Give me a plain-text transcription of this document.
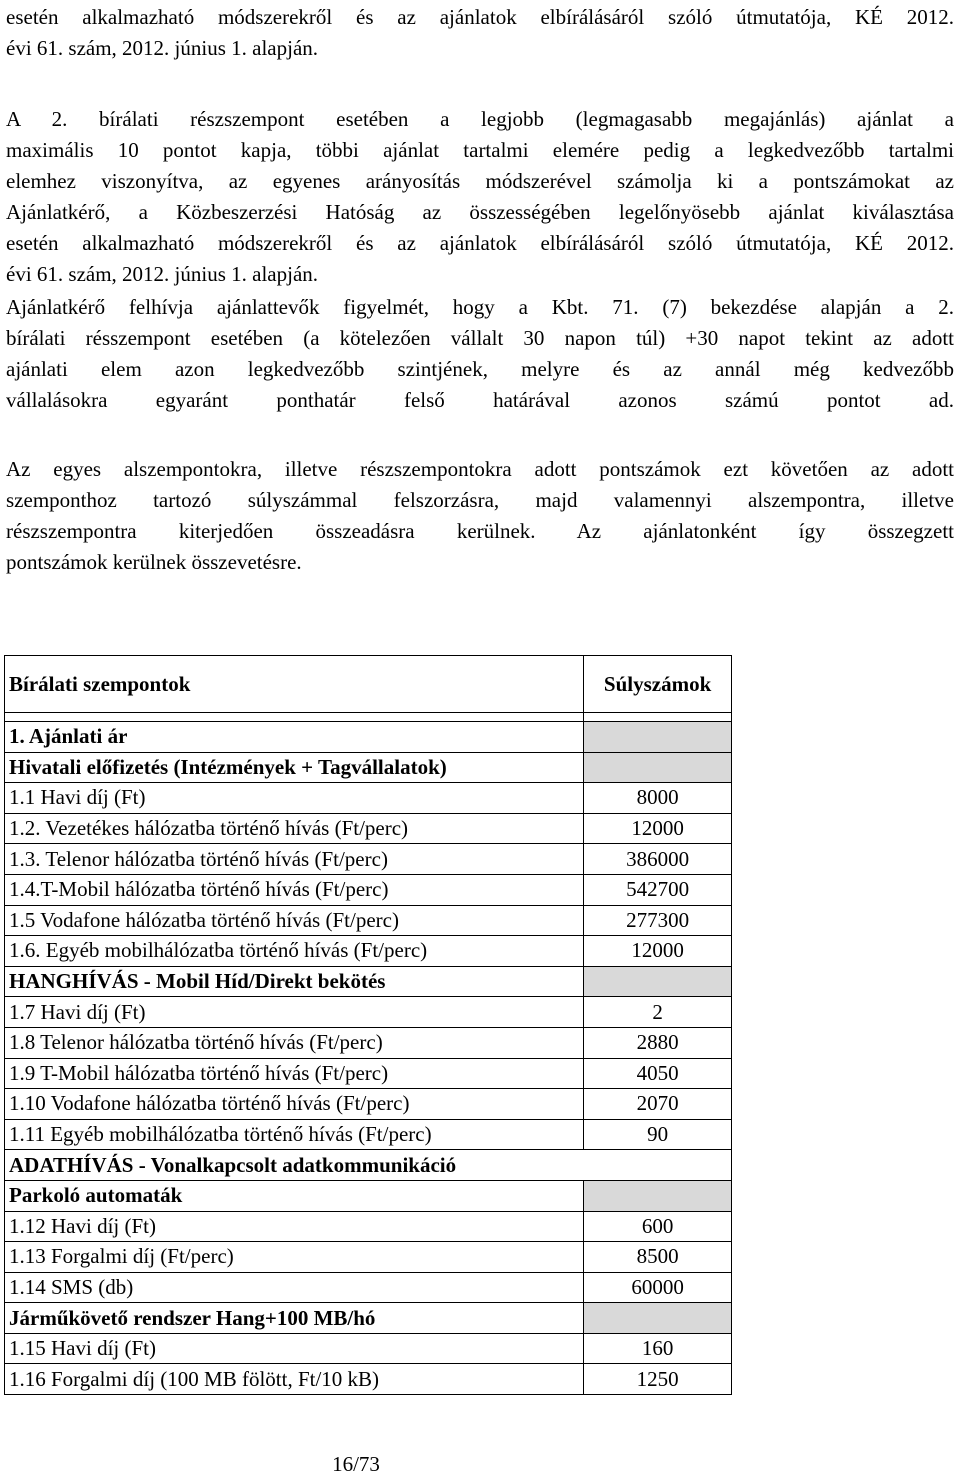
esetén alkalmazható módszerekről és az ajánlatok elbírálásáról szóló útmutatója, KÉ 2012.
évi 61. szám, 2012. június 1. alapján.
A 2. bírálati részszempont esetében a legjobb (legmagasabb megajánlás) ajánlat a
maximális 10 pontot kapja, többi ajánlat tartalmi elemére pedig a legkedvezőbb tartalmi
elemhez viszonyítva, az egyenes arányosítás módszerével számolja ki a pontszámokat az
Ajánlatkérő, a Közbeszerzési Hatóság az összességében legelőnyösebb ajánlat kiválasztása
esetén alkalmazható módszerekről és az ajánlatok elbírálásáról szóló útmutatója, KÉ 2012.
évi 61. szám, 2012. június 1. alapján.
Ajánlatkérő felhívja ajánlattevők figyelmét, hogy a Kbt. 71. (7) bekezdése alapján a 2.
bírálati résszempont esetében (a kötelezően vállalt 30 napon túl) +30 napot tekint az adott
ajánlati elem azon legkedvezőbb szintjének, melyre és az annál még kedvezőbb
vállalásokra egyaránt ponthatár felső határával azonos számú pontot ad.
Az egyes alszempontokra, illetve részszempontokra adott pontszámok ezt követően az adott
szemponthoz tartozó súlyszámmal felszorzásra, majd valamennyi alszempontra, illetve
részszempontra kiterjedően összeadásra kerülnek. Az ajánlatonként így összegzett
pontszámok kerülnek összevetésre.
Bírálati szempontok	Súlyszámok

1. Ajánlati ár	
Hivatali előfizetés (Intézmények + Tagvállalatok)	
1.1 Havi díj (Ft)	8000
1.2. Vezetékes hálózatba történő hívás (Ft/perc)	12000
1.3. Telenor hálózatba történő hívás (Ft/perc)	386000
1.4.T-Mobil hálózatba történő hívás (Ft/perc)	542700
1.5 Vodafone hálózatba történő hívás (Ft/perc)	277300
1.6. Egyéb mobilhálózatba történő hívás (Ft/perc)	12000
HANGHÍVÁS - Mobil Híd/Direkt bekötés	
1.7 Havi díj (Ft)	2
1.8 Telenor hálózatba történő hívás (Ft/perc)	2880
1.9 T-Mobil hálózatba történő hívás (Ft/perc)	4050
1.10 Vodafone hálózatba történő hívás (Ft/perc)	2070
1.11 Egyéb mobilhálózatba történő hívás (Ft/perc)	90
ADATHÍVÁS - Vonalkapcsolt adatkommunikáció	
Parkoló automaták	
1.12 Havi díj (Ft)	600
1.13 Forgalmi díj (Ft/perc)	8500
1.14 SMS (db)	60000
Járműkövető rendszer Hang+100 MB/hó	
1.15 Havi díj (Ft)	160
1.16 Forgalmi díj (100 MB fölött, Ft/10 kB)	1250
16/73
